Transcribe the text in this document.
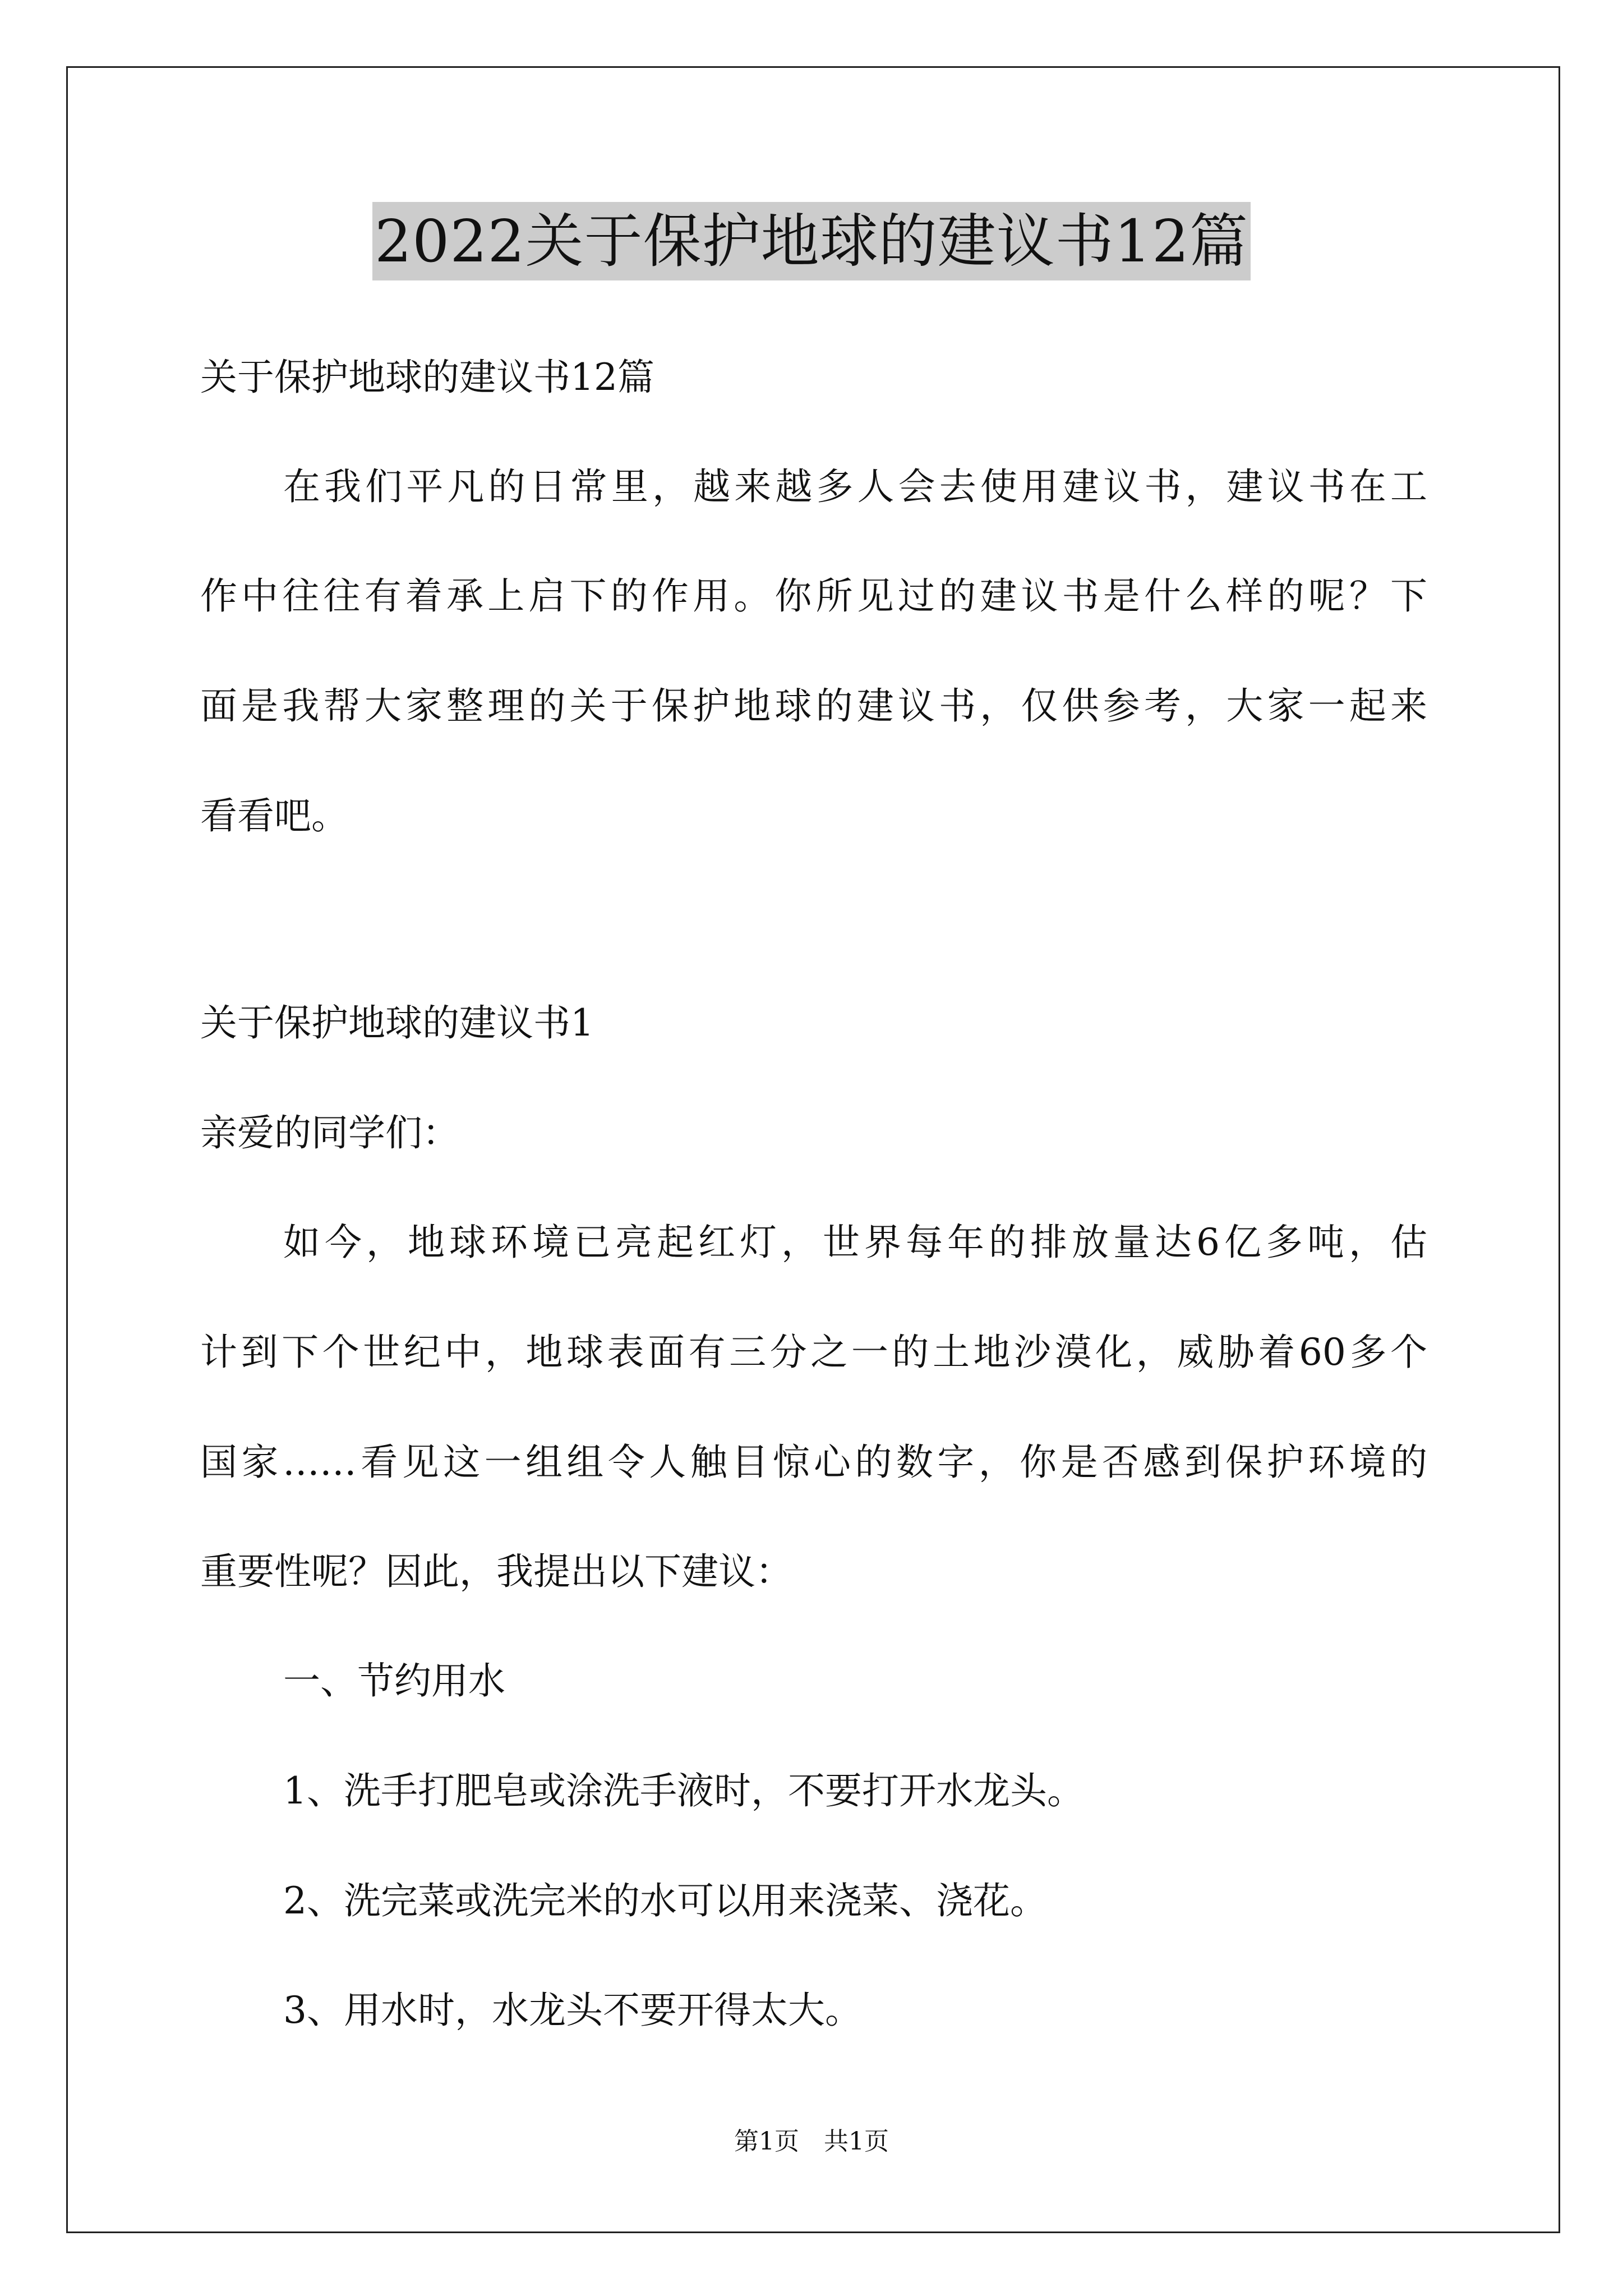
2022关于保护地球的建议书12篇
关于保护地球的建议书12篇
在我们平凡的日常里，越来越多人会去使用建议书，建议书在工
作中往往有着承上启下的作用。你所见过的建议书是什么样的呢？下
面是我帮大家整理的关于保护地球的建议书，仅供参考，大家一起来
看看吧。
关于保护地球的建议书1
亲爱的同学们：
如今，地球环境已亮起红灯，世界每年的排放量达6亿多吨，估
计到下个世纪中，地球表面有三分之一的土地沙漠化，威胁着60多个
国家……看见这一组组令人触目惊心的数字，你是否感到保护环境的
重要性呢？因此，我提出以下建议：
一、节约用水
1、洗手打肥皂或涂洗手液时，不要打开水龙头。
2、洗完菜或洗完米的水可以用来浇菜、浇花。
3、用水时，水龙头不要开得太大。
第1页　共1页
